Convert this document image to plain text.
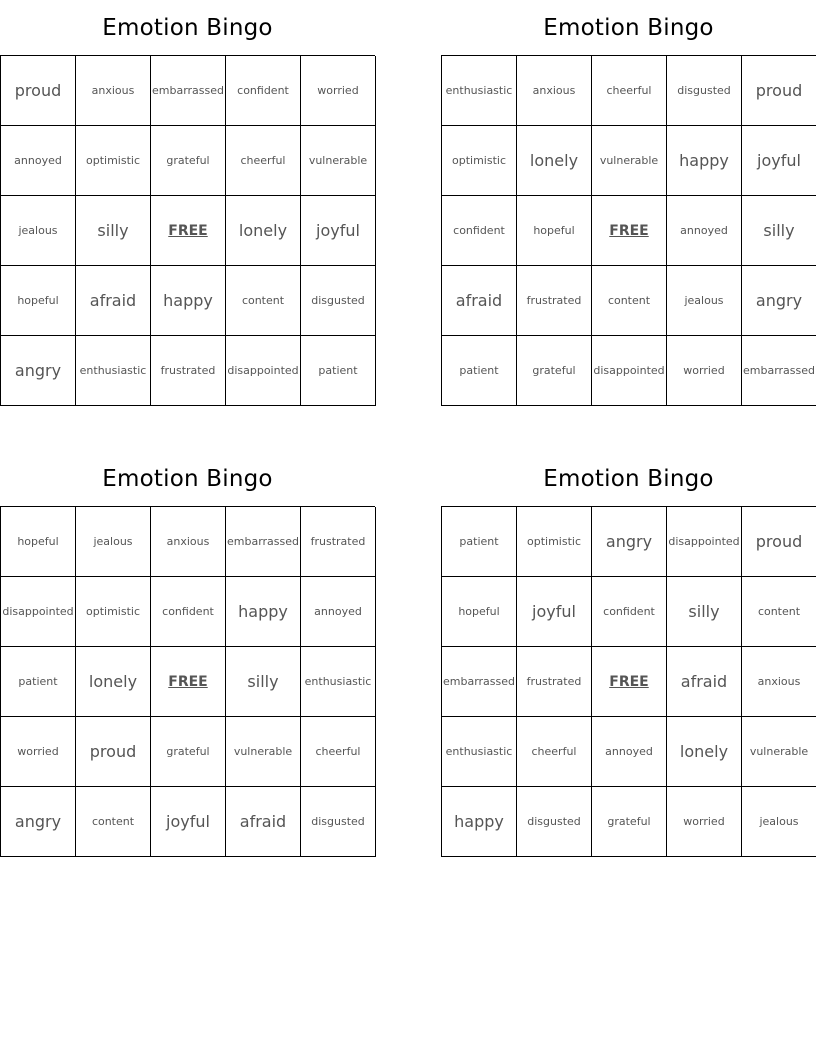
Emotion Bingo
proud	anxious	embarrassed	confident	worried
annoyed	optimistic	grateful	cheerful	vulnerable
jealous	silly	FREE	lonely	joyful
hopeful	afraid	happy	content	disgusted
angry	enthusiastic	frustrated	disappointed	patient
Emotion Bingo
enthusiastic	anxious	cheerful	disgusted	proud
optimistic	lonely	vulnerable	happy	joyful
confident	hopeful	FREE	annoyed	silly
afraid	frustrated	content	jealous	angry
patient	grateful	disappointed	worried	embarrassed
Emotion Bingo
hopeful	jealous	anxious	embarrassed	frustrated
disappointed	optimistic	confident	happy	annoyed
patient	lonely	FREE	silly	enthusiastic
worried	proud	grateful	vulnerable	cheerful
angry	content	joyful	afraid	disgusted
Emotion Bingo
patient	optimistic	angry	disappointed	proud
hopeful	joyful	confident	silly	content
embarrassed	frustrated	FREE	afraid	anxious
enthusiastic	cheerful	annoyed	lonely	vulnerable
happy	disgusted	grateful	worried	jealous
